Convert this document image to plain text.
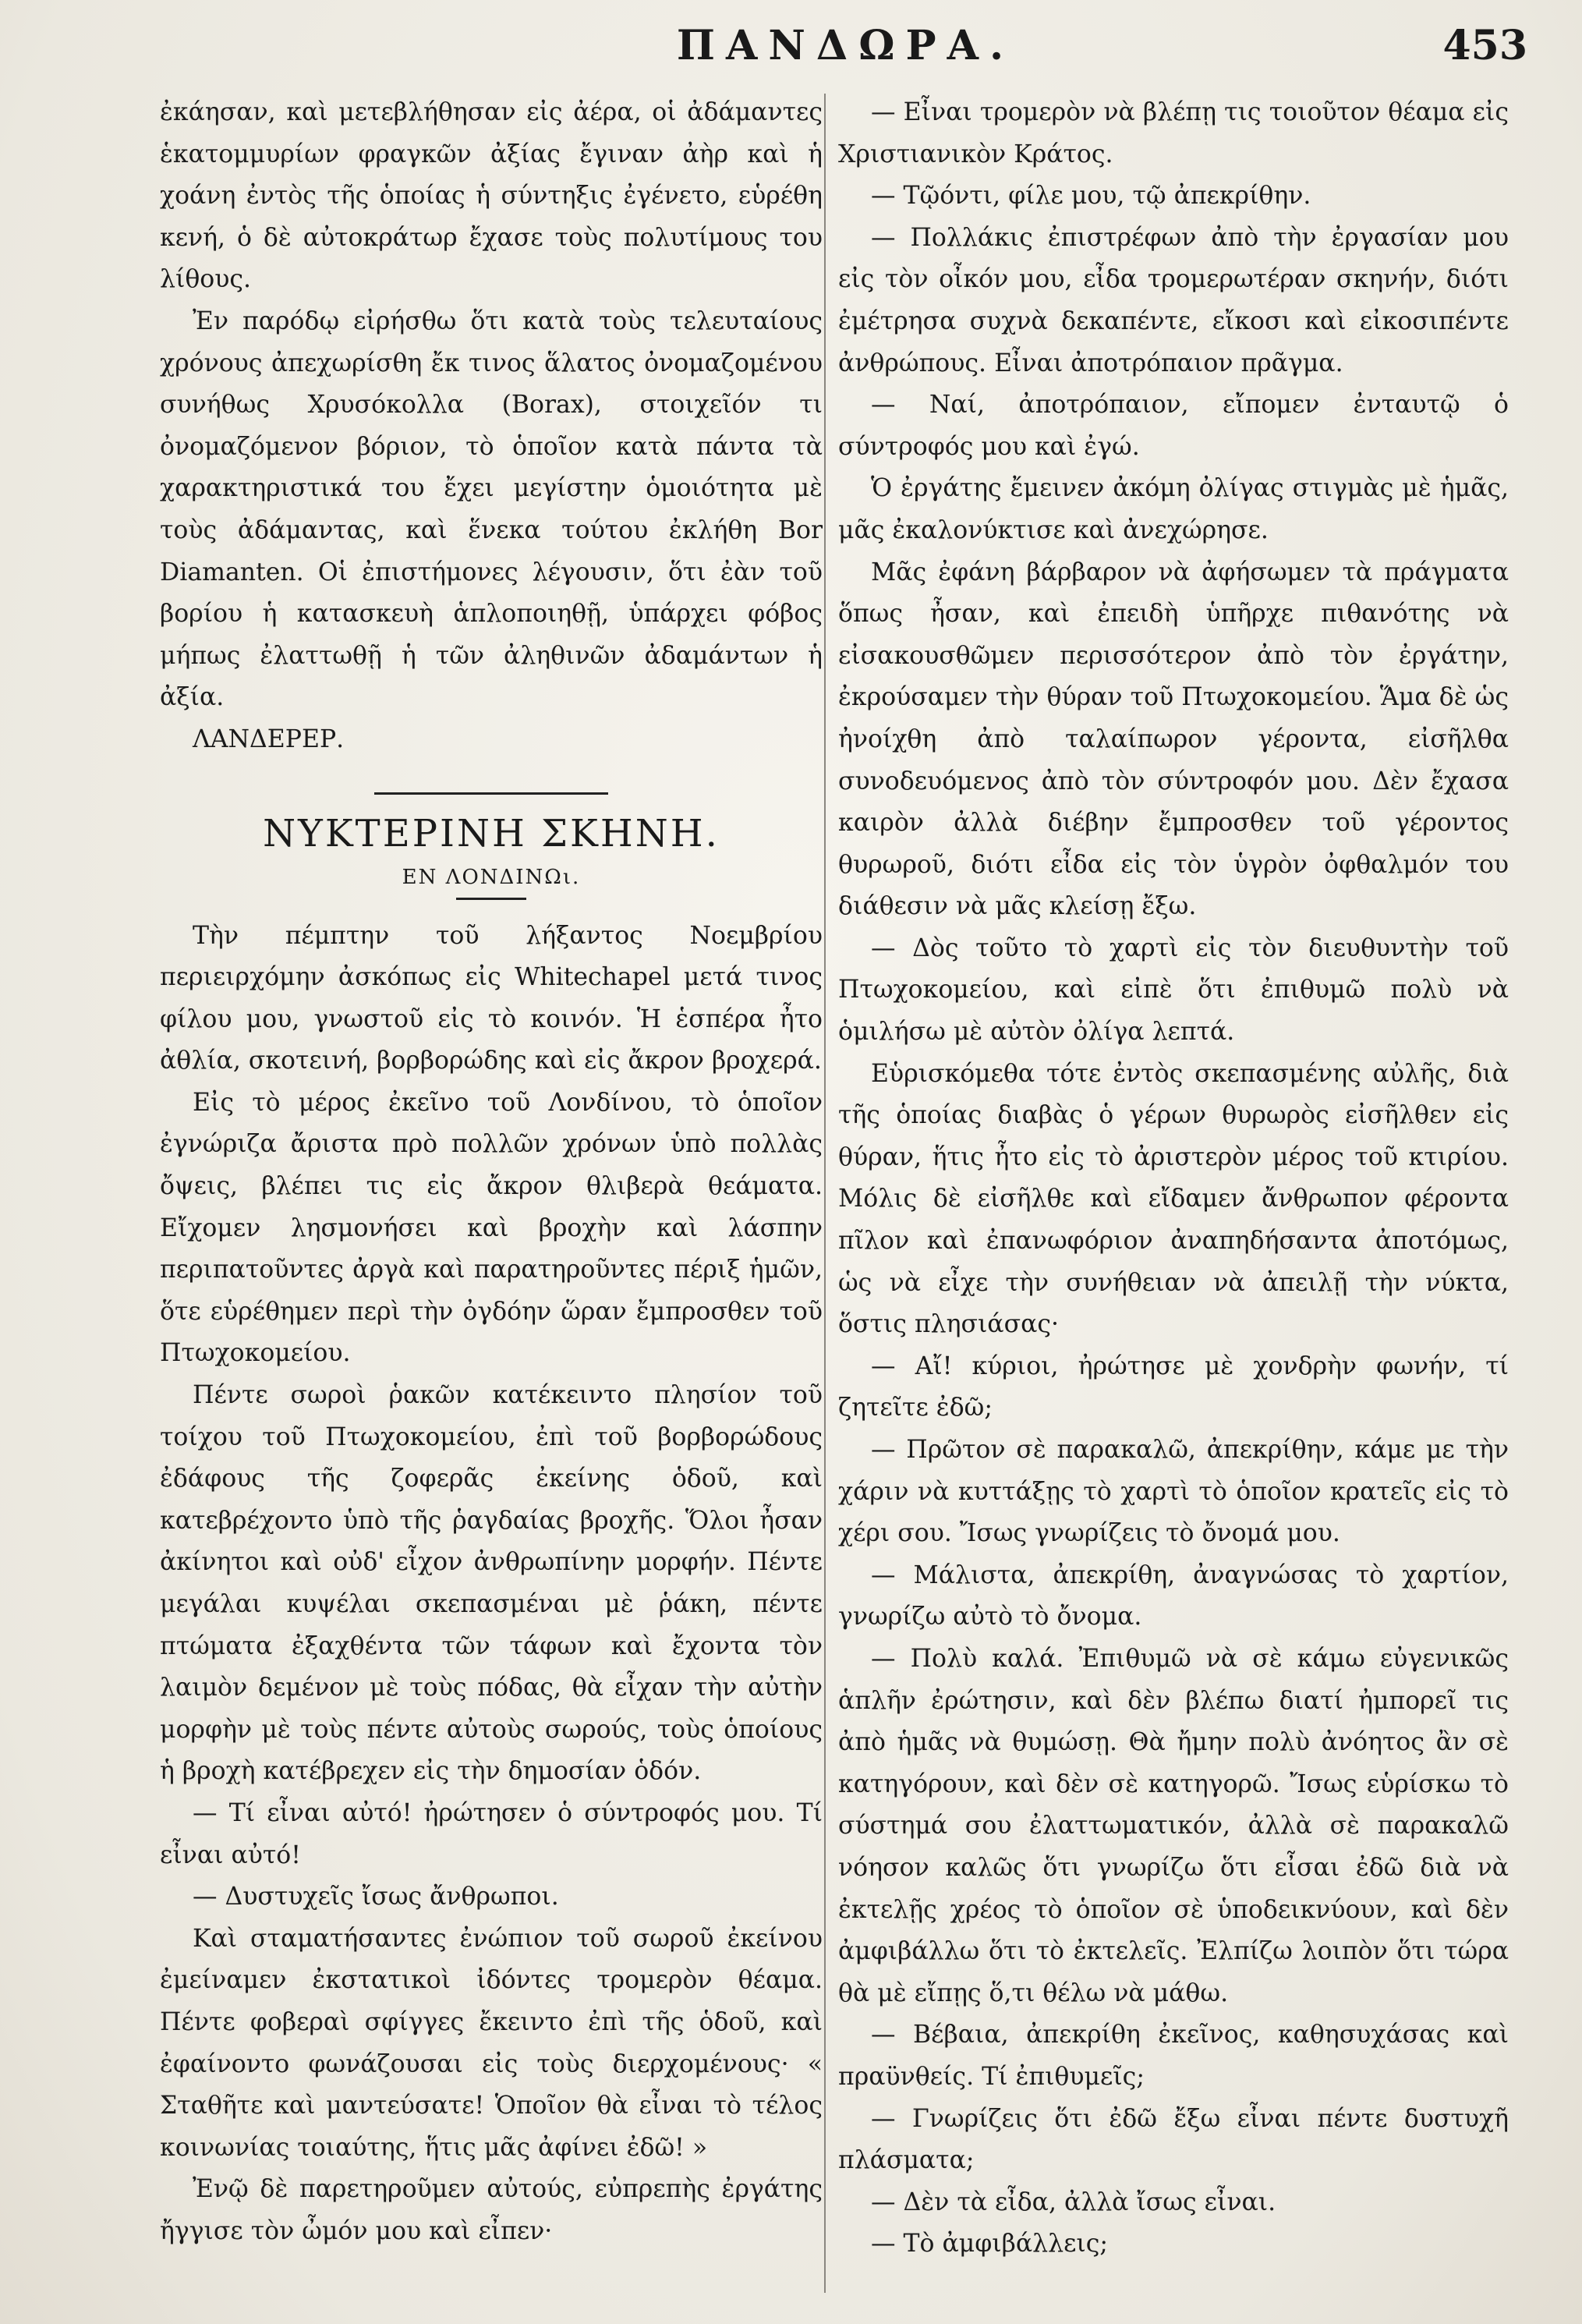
ΠΑΝΔΩΡΑ.	453

ἐκάησαν, καὶ μετεβλήθησαν εἰς ἀέρα, οἱ ἀδάμαντες ἑκατομμυρίων φραγκῶν ἀξίας ἔγιναν ἀὴρ καὶ ἡ χοάνη ἐντὸς τῆς ὁποίας ἡ σύντηξις ἐγένετο, εὑρέθη κενή, ὁ δὲ αὐτοκράτωρ ἔχασε τοὺς πολυτίμους του λίθους.

Ἐν παρόδῳ εἰρήσθω ὅτι κατὰ τοὺς τελευταίους χρόνους ἀπεχωρίσθη ἔκ τινος ἅλατος ὀνομαζομένου συνήθως Χρυσόκολλα (Borax), στοιχεῖόν τι ὀνομαζόμενον βόριον, τὸ ὁποῖον κατὰ πάντα τὰ χαρακτηριστικά του ἔχει μεγίστην ὁμοιότητα μὲ τοὺς ἀδάμαντας, καὶ ἕνεκα τούτου ἐκλήθη Bor Diamanten. Οἱ ἐπιστήμονες λέγουσιν, ὅτι ἐὰν τοῦ βορίου ἡ κατασκευὴ ἁπλοποιηθῇ, ὑπάρχει φόβος μήπως ἐλαττωθῇ ἡ τῶν ἀληθινῶν ἀδαμάντων ἡ ἀξία.

ΛΑΝΔΕΡΕΡ.

ΝΥΚΤΕΡΙΝΗ ΣΚΗΝΗ.
ΕΝ ΛΟΝΔΙΝΩι.

Τὴν πέμπτην τοῦ λήξαντος Νοεμβρίου περιειρχόμην ἀσκόπως εἰς Whitechapel μετά τινος φίλου μου, γνωστοῦ εἰς τὸ κοινόν. Ἡ ἑσπέρα ἦτο ἀθλία, σκοτεινή, βορβορώδης καὶ εἰς ἄκρον βροχερά.

Εἰς τὸ μέρος ἐκεῖνο τοῦ Λονδίνου, τὸ ὁποῖον ἐγνώριζα ἄριστα πρὸ πολλῶν χρόνων ὑπὸ πολλὰς ὄψεις, βλέπει τις εἰς ἄκρον θλιβερὰ θεάματα. Εἴχομεν λησμονήσει καὶ βροχὴν καὶ λάσπην περιπατοῦντες ἀργὰ καὶ παρατηροῦντες πέριξ ἡμῶν, ὅτε εὑρέθημεν περὶ τὴν ὀγδόην ὥραν ἔμπροσθεν τοῦ Πτωχοκομείου.

Πέντε σωροὶ ῥακῶν κατέκειντο πλησίον τοῦ τοίχου τοῦ Πτωχοκομείου, ἐπὶ τοῦ βορβορώδους ἐδάφους τῆς ζοφερᾶς ἐκείνης ὁδοῦ, καὶ κατεβρέχοντο ὑπὸ τῆς ῥαγδαίας βροχῆς. Ὅλοι ἦσαν ἀκίνητοι καὶ οὐδ' εἶχον ἀνθρωπίνην μορφήν. Πέντε μεγάλαι κυψέλαι σκεπασμέναι μὲ ῥάκη, πέντε πτώματα ἐξαχθέντα τῶν τάφων καὶ ἔχοντα τὸν λαιμὸν δεμένον μὲ τοὺς πόδας, θὰ εἶχαν τὴν αὐτὴν μορφὴν μὲ τοὺς πέντε αὐτοὺς σωρούς, τοὺς ὁποίους ἡ βροχὴ κατέβρεχεν εἰς τὴν δημοσίαν ὁδόν.

— Τί εἶναι αὐτό! ἠρώτησεν ὁ σύντροφός μου. Τί εἶναι αὐτό!

— Δυστυχεῖς ἴσως ἄνθρωποι.

Καὶ σταματήσαντες ἐνώπιον τοῦ σωροῦ ἐκείνου ἐμείναμεν ἐκστατικοὶ ἰδόντες τρομερὸν θέαμα. Πέντε φοβεραὶ σφίγγες ἔκειντο ἐπὶ τῆς ὁδοῦ, καὶ ἐφαίνοντο φωνάζουσαι εἰς τοὺς διερχομένους· « Σταθῆτε καὶ μαντεύσατε! Ὁποῖον θὰ εἶναι τὸ τέλος κοινωνίας τοιαύτης, ἥτις μᾶς ἀφίνει ἐδῶ! »

Ἐνῷ δὲ παρετηροῦμεν αὐτούς, εὐπρεπὴς ἐργάτης ἤγγισε τὸν ὦμόν μου καὶ εἶπεν·

— Εἶναι τρομερὸν νὰ βλέπῃ τις τοιοῦτον θέαμα εἰς Χριστιανικὸν Κράτος.

— Τῷόντι, φίλε μου, τῷ ἀπεκρίθην.

— Πολλάκις ἐπιστρέφων ἀπὸ τὴν ἐργασίαν μου εἰς τὸν οἶκόν μου, εἶδα τρομερωτέραν σκηνήν, διότι ἐμέτρησα συχνὰ δεκαπέντε, εἴκοσι καὶ εἰκοσιπέντε ἀνθρώπους. Εἶναι ἀποτρόπαιον πρᾶγμα.

— Ναί, ἀποτρόπαιον, εἴπομεν ἐνταυτῷ ὁ σύντροφός μου καὶ ἐγώ.

Ὁ ἐργάτης ἔμεινεν ἀκόμη ὀλίγας στιγμὰς μὲ ἡμᾶς, μᾶς ἐκαλονύκτισε καὶ ἀνεχώρησε.

Μᾶς ἐφάνη βάρβαρον νὰ ἀφήσωμεν τὰ πράγματα ὅπως ἦσαν, καὶ ἐπειδὴ ὑπῆρχε πιθανότης νὰ εἰσακουσθῶμεν περισσότερον ἀπὸ τὸν ἐργάτην, ἐκρούσαμεν τὴν θύραν τοῦ Πτωχοκομείου. Ἅμα δὲ ὡς ἠνοίχθη ἀπὸ ταλαίπωρον γέροντα, εἰσῆλθα συνοδευόμενος ἀπὸ τὸν σύντροφόν μου. Δὲν ἔχασα καιρὸν ἀλλὰ διέβην ἔμπροσθεν τοῦ γέροντος θυρωροῦ, διότι εἶδα εἰς τὸν ὑγρὸν ὀφθαλμόν του διάθεσιν νὰ μᾶς κλείσῃ ἔξω.

— Δὸς τοῦτο τὸ χαρτὶ εἰς τὸν διευθυντὴν τοῦ Πτωχοκομείου, καὶ εἰπὲ ὅτι ἐπιθυμῶ πολὺ νὰ ὁμιλήσω μὲ αὐτὸν ὀλίγα λεπτά.

Εὑρισκόμεθα τότε ἐντὸς σκεπασμένης αὐλῆς, διὰ τῆς ὁποίας διαβὰς ὁ γέρων θυρωρὸς εἰσῆλθεν εἰς θύραν, ἥτις ἦτο εἰς τὸ ἀριστερὸν μέρος τοῦ κτιρίου. Μόλις δὲ εἰσῆλθε καὶ εἴδαμεν ἄνθρωπον φέροντα πῖλον καὶ ἐπανωφόριον ἀναπηδήσαντα ἀποτόμως, ὡς νὰ εἶχε τὴν συνήθειαν νὰ ἀπειλῇ τὴν νύκτα, ὅστις πλησιάσας·

— Αἴ! κύριοι, ἠρώτησε μὲ χονδρὴν φωνήν, τί ζητεῖτε ἐδῶ;

— Πρῶτον σὲ παρακαλῶ, ἀπεκρίθην, κάμε με τὴν χάριν νὰ κυττάξῃς τὸ χαρτὶ τὸ ὁποῖον κρατεῖς εἰς τὸ χέρι σου. Ἴσως γνωρίζεις τὸ ὄνομά μου.

— Μάλιστα, ἀπεκρίθη, ἀναγνώσας τὸ χαρτίον, γνωρίζω αὐτὸ τὸ ὄνομα.

— Πολὺ καλά. Ἐπιθυμῶ νὰ σὲ κάμω εὐγενικῶς ἁπλῆν ἐρώτησιν, καὶ δὲν βλέπω διατί ἠμπορεῖ τις ἀπὸ ἡμᾶς νὰ θυμώσῃ. Θὰ ἤμην πολὺ ἀνόητος ἂν σὲ κατηγόρουν, καὶ δὲν σὲ κατηγορῶ. Ἴσως εὑρίσκω τὸ σύστημά σου ἐλαττωματικόν, ἀλλὰ σὲ παρακαλῶ νόησον καλῶς ὅτι γνωρίζω ὅτι εἶσαι ἐδῶ διὰ νὰ ἐκτελῇς χρέος τὸ ὁποῖον σὲ ὑποδεικνύουν, καὶ δὲν ἀμφιβάλλω ὅτι τὸ ἐκτελεῖς. Ἐλπίζω λοιπὸν ὅτι τώρα θὰ μὲ εἴπῃς ὅ,τι θέλω νὰ μάθω.

— Βέβαια, ἀπεκρίθη ἐκεῖνος, καθησυχάσας καὶ πραϋνθείς. Τί ἐπιθυμεῖς;

— Γνωρίζεις ὅτι ἐδῶ ἔξω εἶναι πέντε δυστυχῆ πλάσματα;

— Δὲν τὰ εἶδα, ἀλλὰ ἴσως εἶναι.

— Τὸ ἀμφιβάλλεις;
